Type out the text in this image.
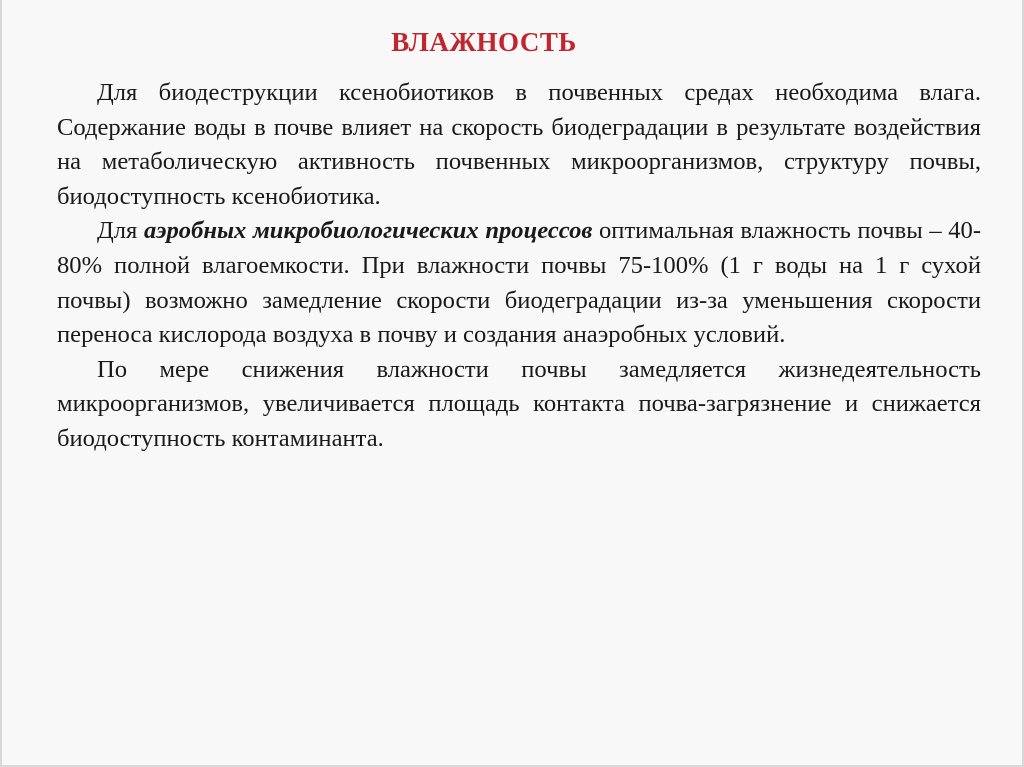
ВЛАЖНОСТЬ

Для биодеструкции ксенобиотиков в почвенных средах необходима влага. Содержание воды в почве влияет на скорость биодеградации в результате воздействия на метаболическую активность почвенных микроорганизмов, структуру почвы, биодоступность ксенобиотика.

Для аэробных микробиологических процессов оптимальная влажность почвы – 40-80% полной влагоемкости. При влажности почвы 75-100% (1 г воды на 1 г сухой почвы) возможно замедление скорости биодеградации из-за уменьшения скорости переноса кислорода воздуха в почву и создания анаэробных условий.

По мере снижения влажности почвы замедляется жизнедеятельность микроорганизмов, увеличивается площадь контакта почва-загрязнение и снижается биодоступность контаминанта.
